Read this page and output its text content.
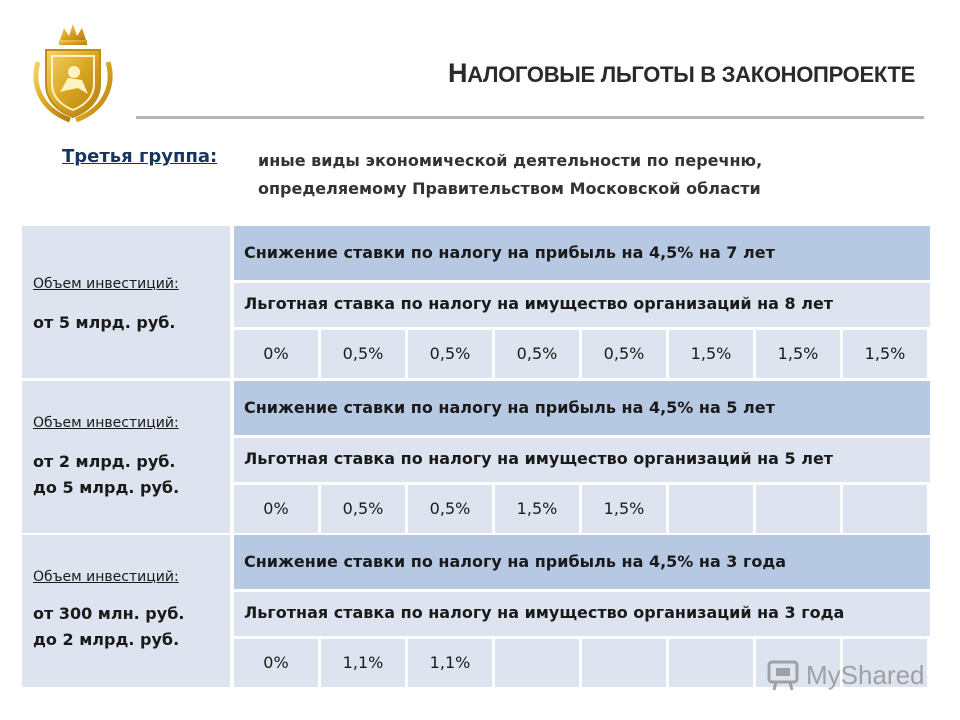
НАЛОГОВЫЕ ЛЬГОТЫ В ЗАКОНОПРОЕКТЕ
Третья группа:	иные виды экономической деятельности по перечню,
определяемому Правительством Московской области
Объем инвестиций:
от 5 млрд. руб.
Снижение ставки по налогу на прибыль на 4,5% на 7 лет
Льготная ставка по налогу на имущество организаций на 8 лет
0%	0,5%	0,5%	0,5%	0,5%	1,5%	1,5%	1,5%
Объем инвестиций:
от 2 млрд. руб.
до 5 млрд. руб.
Снижение ставки по налогу на прибыль на 4,5% на 5 лет
Льготная ставка по налогу на имущество организаций на 5 лет
0%	0,5%	0,5%	1,5%	1,5%
Объем инвестиций:
от 300 млн. руб.
до 2 млрд. руб.
Снижение ставки по налогу на прибыль на 4,5% на 3 года
Льготная ставка по налогу на имущество организаций на 3 года
0%	1,1%	1,1%	MyShared
